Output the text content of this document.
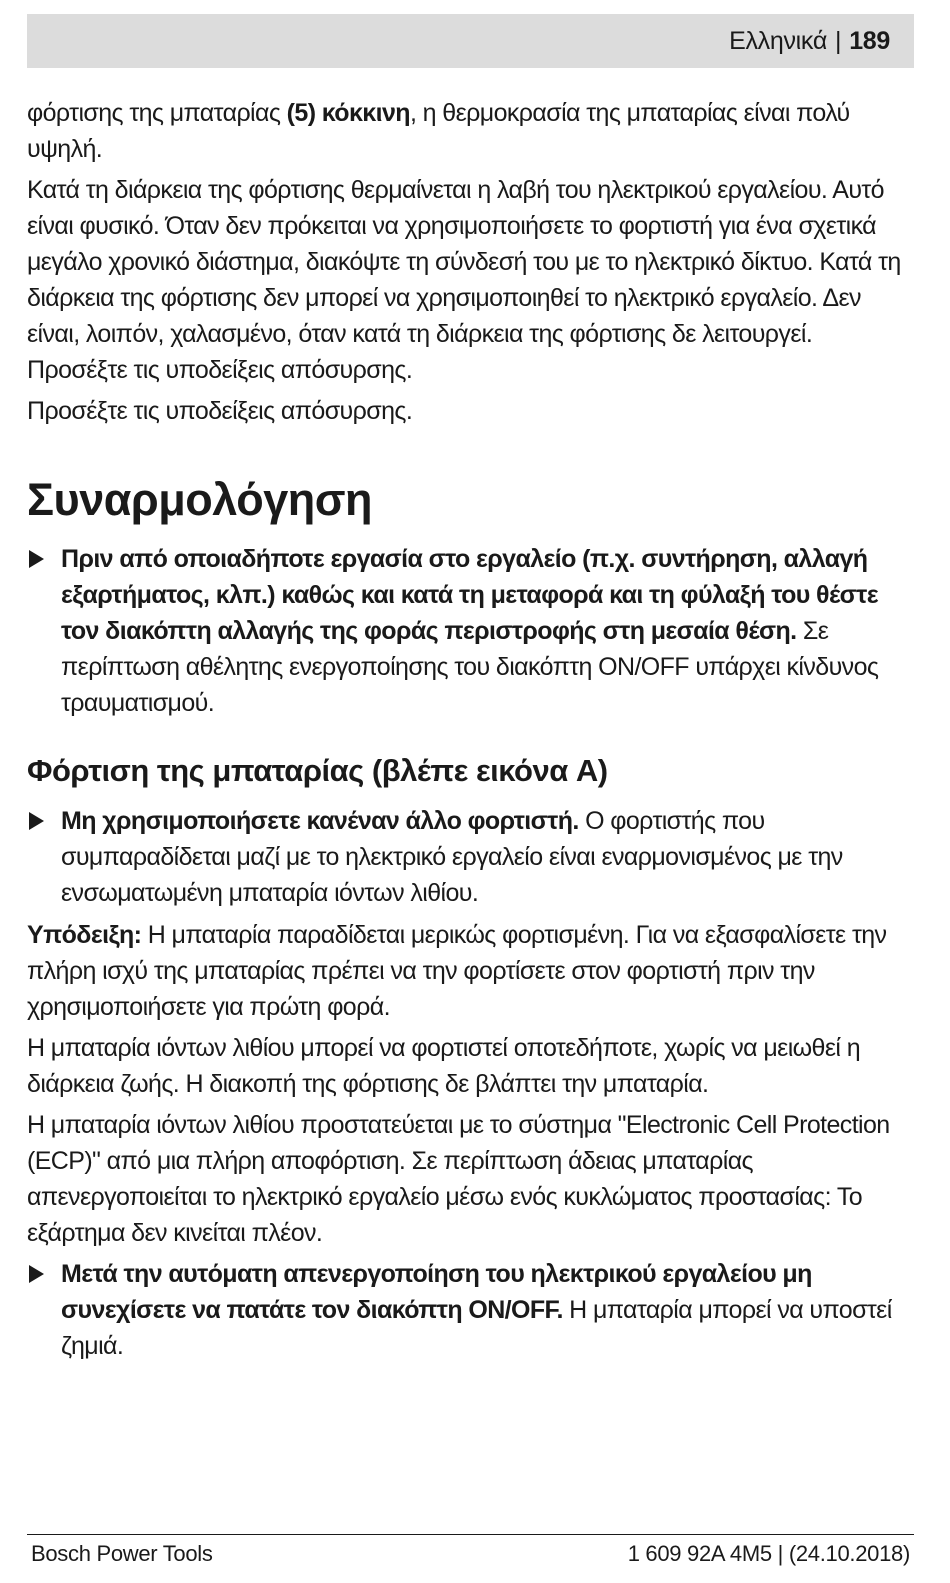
Ελληνικά | 189

φόρτισης της μπαταρίας (5) κόκκινη, η θερμοκρασία της μπαταρίας είναι πολύ υψηλή.

Κατά τη διάρκεια της φόρτισης θερμαίνεται η λαβή του ηλεκτρικού εργαλείου. Αυτό είναι φυσικό. Όταν δεν πρόκειται να χρησιμοποιήσετε το φορτιστή για ένα σχετικά μεγάλο χρονικό διάστημα, διακόψτε τη σύνδεσή του με το ηλεκτρικό δίκτυο. Κατά τη διάρκεια της φόρτισης δεν μπορεί να χρησιμοποιηθεί το ηλεκτρικό εργαλείο. Δεν είναι, λοιπόν, χαλασμένο, όταν κατά τη διάρκεια της φόρτισης δε λειτουργεί. Προσέξτε τις υποδείξεις απόσυρσης.

Προσέξτε τις υποδείξεις απόσυρσης.

Συναρμολόγηση
Πριν από οποιαδήποτε εργασία στο εργαλείο (π.χ. συντήρηση, αλλαγή εξαρτήματος, κλπ.) καθώς και κατά τη μεταφορά και τη φύλαξή του θέστε τον διακόπτη αλλαγής της φοράς περιστροφής στη μεσαία θέση. Σε περίπτωση αθέλητης ενεργοποίησης του διακόπτη ON/OFF υπάρχει κίνδυνος τραυματισμού.
Φόρτιση της μπαταρίας (βλέπε εικόνα A)
Μη χρησιμοποιήσετε κανέναν άλλο φορτιστή. Ο φορτιστής που συμπαραδίδεται μαζί με το ηλεκτρικό εργαλείο είναι εναρμονισμένος με την ενσωματωμένη μπαταρία ιόντων λιθίου.

Υπόδειξη: Η μπαταρία παραδίδεται μερικώς φορτισμένη. Για να εξασφαλίσετε την πλήρη ισχύ της μπαταρίας πρέπει να την φορτίσετε στον φορτιστή πριν την χρησιμοποιήσετε για πρώτη φορά.

Η μπαταρία ιόντων λιθίου μπορεί να φορτιστεί οποτεδήποτε, χωρίς να μειωθεί η διάρκεια ζωής. Η διακοπή της φόρτισης δε βλάπτει την μπαταρία.

Η μπαταρία ιόντων λιθίου προστατεύεται με το σύστημα "Electronic Cell Protection (ECP)" από μια πλήρη αποφόρτιση. Σε περίπτωση άδειας μπαταρίας απενεργοποιείται το ηλεκτρικό εργαλείο μέσω ενός κυκλώματος προστασίας: Το εξάρτημα δεν κινείται πλέον.

Μετά την αυτόματη απενεργοποίηση του ηλεκτρικού εργαλείου μη συνεχίσετε να πατάτε τον διακόπτη ON/OFF. Η μπαταρία μπορεί να υποστεί ζημιά.
Bosch Power Tools	1 609 92A 4M5 | (24.10.2018)
